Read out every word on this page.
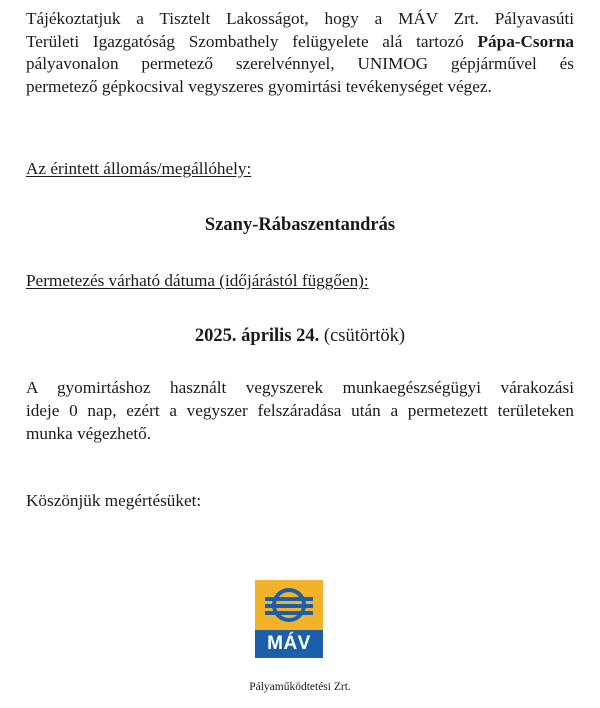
Tájékoztatjuk a Tisztelt Lakosságot, hogy a MÁV Zrt. Pályavasúti
Területi Igazgatóság Szombathely felügyelete alá tartozó Pápa-Csorna
pályavonalon permetező szerelvénnyel, UNIMOG gépjárművel és
permetező gépkocsival vegyszeres gyomirtási tevékenységet végez.
Az érintett állomás/megállóhely:
Szany-Rábaszentandrás
Permetezés várható dátuma (időjárástól függően):
2025. április 24. (csütörtök)
A gyomirtáshoz használt vegyszerek munkaegészségügyi várakozási
ideje 0 nap, ezért a vegyszer felszáradása után a permetezett területeken
munka végezhető.
Köszönjük megértésüket:
MÁV
Pályaműködtetési Zrt.
